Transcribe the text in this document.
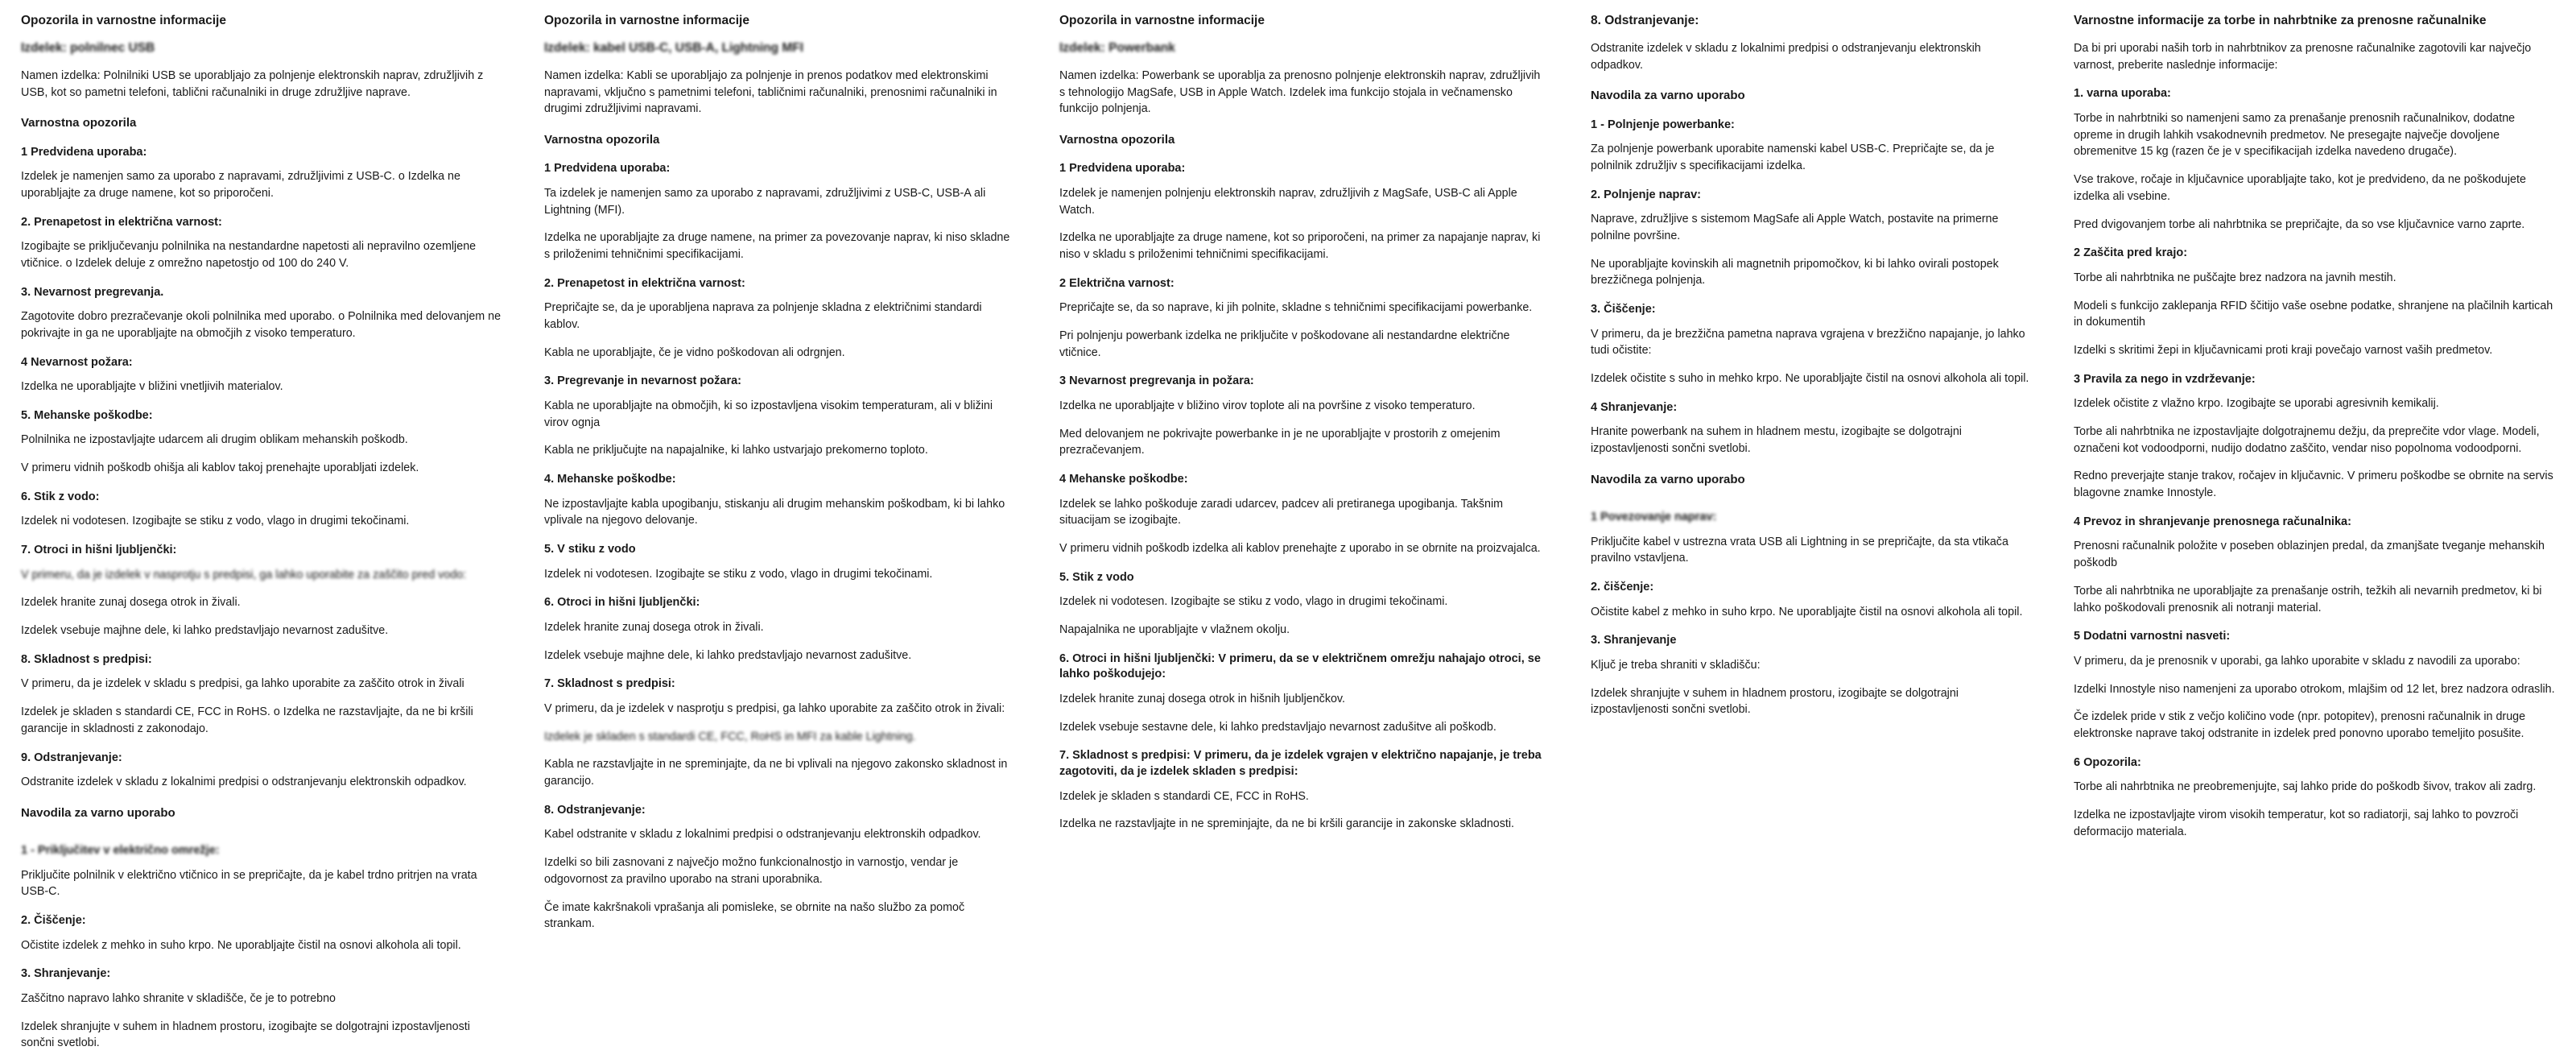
Opozorila in varnostne informacije

Izdelek: polnilnec USB

Namen izdelka: Polnilniki USB se uporabljajo za polnjenje elektronskih naprav, združljivih z USB, kot so pametni telefoni, tablični računalniki in druge združljive naprave.

Varnostna opozorila
1 Predvidena uporaba:

Izdelek je namenjen samo za uporabo z napravami, združljivimi z USB-C. o Izdelka ne uporabljajte za druge namene, kot so priporočeni.

2. Prenapetost in električna varnost:

Izogibajte se priključevanju polnilnika na nestandardne napetosti ali nepravilno ozemljene vtičnice. o Izdelek deluje z omrežno napetostjo od 100 do 240 V.

3. Nevarnost pregrevanja.

Zagotovite dobro prezračevanje okoli polnilnika med uporabo. o Polnilnika med delovanjem ne pokrivajte in ga ne uporabljajte na območjih z visoko temperaturo.

4 Nevarnost požara:

Izdelka ne uporabljajte v bližini vnetljivih materialov.

5. Mehanske poškodbe:

Polnilnika ne izpostavljajte udarcem ali drugim oblikam mehanskih poškodb.

V primeru vidnih poškodb ohišja ali kablov takoj prenehajte uporabljati izdelek.

6. Stik z vodo:

Izdelek ni vodotesen. Izogibajte se stiku z vodo, vlago in drugimi tekočinami.

7. Otroci in hišni ljubljenčki:

V primeru, da je izdelek v nasprotju s predpisi, ga lahko uporabite za zaščito pred vodo:

Izdelek hranite zunaj dosega otrok in živali.

Izdelek vsebuje majhne dele, ki lahko predstavljajo nevarnost zadušitve.

8. Skladnost s predpisi:

V primeru, da je izdelek v skladu s predpisi, ga lahko uporabite za zaščito otrok in živali

Izdelek je skladen s standardi CE, FCC in RoHS. o Izdelka ne razstavljajte, da ne bi kršili garancije in skladnosti z zakonodajo.

9. Odstranjevanje:

Odstranite izdelek v skladu z lokalnimi predpisi o odstranjevanju elektronskih odpadkov.

Navodila za varno uporabo
1 - Priključitev v električno omrežje:

Priključite polnilnik v električno vtičnico in se prepričajte, da je kabel trdno pritrjen na vrata USB-C.

2. Čiščenje:

Očistite izdelek z mehko in suho krpo. Ne uporabljajte čistil na osnovi alkohola ali topil.

3. Shranjevanje:

Zaščitno napravo lahko shranite v skladišče, če je to potrebno

Izdelek shranjujte v suhem in hladnem prostoru, izogibajte se dolgotrajni izpostavljenosti sončni svetlobi.

Opozorila in varnostne informacije

Izdelek: kabel USB-C, USB-A, Lightning MFI

Namen izdelka: Kabli se uporabljajo za polnjenje in prenos podatkov med elektronskimi napravami, vključno s pametnimi telefoni, tabličnimi računalniki, prenosnimi računalniki in drugimi združljivimi napravami.

Varnostna opozorila
1 Predvidena uporaba:

Ta izdelek je namenjen samo za uporabo z napravami, združljivimi z USB-C, USB-A ali Lightning (MFI).

Izdelka ne uporabljajte za druge namene, na primer za povezovanje naprav, ki niso skladne s priloženimi tehničnimi specifikacijami.

2. Prenapetost in električna varnost:

Prepričajte se, da je uporabljena naprava za polnjenje skladna z električnimi standardi kablov.

Kabla ne uporabljajte, če je vidno poškodovan ali odrgnjen.

3. Pregrevanje in nevarnost požara:

Kabla ne uporabljajte na območjih, ki so izpostavljena visokim temperaturam, ali v bližini virov ognja

Kabla ne priključujte na napajalnike, ki lahko ustvarjajo prekomerno toploto.

4. Mehanske poškodbe:

Ne izpostavljajte kabla upogibanju, stiskanju ali drugim mehanskim poškodbam, ki bi lahko vplivale na njegovo delovanje.

5. V stiku z vodo

Izdelek ni vodotesen. Izogibajte se stiku z vodo, vlago in drugimi tekočinami.

6. Otroci in hišni ljubljenčki:

Izdelek hranite zunaj dosega otrok in živali.

Izdelek vsebuje majhne dele, ki lahko predstavljajo nevarnost zadušitve.

7. Skladnost s predpisi:

V primeru, da je izdelek v nasprotju s predpisi, ga lahko uporabite za zaščito otrok in živali:

Izdelek je skladen s standardi CE, FCC, RoHS in MFI za kable Lightning.

Kabla ne razstavljajte in ne spreminjajte, da ne bi vplivali na njegovo zakonsko skladnost in garancijo.

8. Odstranjevanje:

Kabel odstranite v skladu z lokalnimi predpisi o odstranjevanju elektronskih odpadkov.

Izdelki so bili zasnovani z največjo možno funkcionalnostjo in varnostjo, vendar je odgovornost za pravilno uporabo na strani uporabnika.

Če imate kakršnakoli vprašanja ali pomisleke, se obrnite na našo službo za pomoč strankam.

Opozorila in varnostne informacije

Izdelek: Powerbank

Namen izdelka: Powerbank se uporablja za prenosno polnjenje elektronskih naprav, združljivih s tehnologijo MagSafe, USB in Apple Watch. Izdelek ima funkcijo stojala in večnamensko funkcijo polnjenja.

Varnostna opozorila
1 Predvidena uporaba:

Izdelek je namenjen polnjenju elektronskih naprav, združljivih z MagSafe, USB-C ali Apple Watch.

Izdelka ne uporabljajte za druge namene, kot so priporočeni, na primer za napajanje naprav, ki niso v skladu s priloženimi tehničnimi specifikacijami.

2 Električna varnost:

Prepričajte se, da so naprave, ki jih polnite, skladne s tehničnimi specifikacijami powerbanke.

Pri polnjenju powerbank izdelka ne priključite v poškodovane ali nestandardne električne vtičnice.

3 Nevarnost pregrevanja in požara:

Izdelka ne uporabljajte v bližino virov toplote ali na površine z visoko temperaturo.

Med delovanjem ne pokrivajte powerbanke in je ne uporabljajte v prostorih z omejenim prezračevanjem.

4 Mehanske poškodbe:

Izdelek se lahko poškoduje zaradi udarcev, padcev ali pretiranega upogibanja. Takšnim situacijam se izogibajte.

V primeru vidnih poškodb izdelka ali kablov prenehajte z uporabo in se obrnite na proizvajalca.

5. Stik z vodo

Izdelek ni vodotesen. Izogibajte se stiku z vodo, vlago in drugimi tekočinami.

Napajalnika ne uporabljajte v vlažnem okolju.

6. Otroci in hišni ljubljenčki: V primeru, da se v električnem omrežju nahajajo otroci, se lahko poškodujejo:

Izdelek hranite zunaj dosega otrok in hišnih ljubljenčkov.

Izdelek vsebuje sestavne dele, ki lahko predstavljajo nevarnost zadušitve ali poškodb.

7. Skladnost s predpisi: V primeru, da je izdelek vgrajen v električno napajanje, je treba zagotoviti, da je izdelek skladen s predpisi:

Izdelek je skladen s standardi CE, FCC in RoHS.

Izdelka ne razstavljajte in ne spreminjajte, da ne bi kršili garancije in zakonske skladnosti.

8. Odstranjevanje:

Odstranite izdelek v skladu z lokalnimi predpisi o odstranjevanju elektronskih odpadkov.

Navodila za varno uporabo
1 - Polnjenje powerbanke:

Za polnjenje powerbank uporabite namenski kabel USB-C. Prepričajte se, da je polnilnik združljiv s specifikacijami izdelka.

2. Polnjenje naprav:

Naprave, združljive s sistemom MagSafe ali Apple Watch, postavite na primerne polnilne površine.

Ne uporabljajte kovinskih ali magnetnih pripomočkov, ki bi lahko ovirali postopek brezžičnega polnjenja.

3. Čiščenje:

V primeru, da je brezžična pametna naprava vgrajena v brezžično napajanje, jo lahko tudi očistite:

Izdelek očistite s suho in mehko krpo. Ne uporabljajte čistil na osnovi alkohola ali topil.

4 Shranjevanje:

Hranite powerbank na suhem in hladnem mestu, izogibajte se dolgotrajni izpostavljenosti sončni svetlobi.

Navodila za varno uporabo
1 Povezovanje naprav:

Priključite kabel v ustrezna vrata USB ali Lightning in se prepričajte, da sta vtikača pravilno vstavljena.

2. čiščenje:

Očistite kabel z mehko in suho krpo. Ne uporabljajte čistil na osnovi alkohola ali topil.

3. Shranjevanje

Ključ je treba shraniti v skladišču:

Izdelek shranjujte v suhem in hladnem prostoru, izogibajte se dolgotrajni izpostavljenosti sončni svetlobi.

Varnostne informacije za torbe in nahrbtnike za prenosne računalnike

Da bi pri uporabi naših torb in nahrbtnikov za prenosne računalnike zagotovili kar največjo varnost, preberite naslednje informacije:

1. varna uporaba:

Torbe in nahrbtniki so namenjeni samo za prenašanje prenosnih računalnikov, dodatne opreme in drugih lahkih vsakodnevnih predmetov. Ne presegajte največje dovoljene obremenitve 15 kg (razen če je v specifikacijah izdelka navedeno drugače).

Vse trakove, ročaje in ključavnice uporabljajte tako, kot je predvideno, da ne poškodujete izdelka ali vsebine.

Pred dvigovanjem torbe ali nahrbtnika se prepričajte, da so vse ključavnice varno zaprte.

2 Zaščita pred krajo:

Torbe ali nahrbtnika ne puščajte brez nadzora na javnih mestih.

Modeli s funkcijo zaklepanja RFID ščitijo vaše osebne podatke, shranjene na plačilnih karticah in dokumentih

Izdelki s skritimi žepi in ključavnicami proti kraji povečajo varnost vaših predmetov.

3 Pravila za nego in vzdrževanje:

Izdelek očistite z vlažno krpo. Izogibajte se uporabi agresivnih kemikalij.

Torbe ali nahrbtnika ne izpostavljajte dolgotrajnemu dežju, da preprečite vdor vlage. Modeli, označeni kot vodoodporni, nudijo dodatno zaščito, vendar niso popolnoma vodoodporni.

Redno preverjajte stanje trakov, ročajev in ključavnic. V primeru poškodbe se obrnite na servis blagovne znamke Innostyle.

4 Prevoz in shranjevanje prenosnega računalnika:

Prenosni računalnik položite v poseben oblazinjen predal, da zmanjšate tveganje mehanskih poškodb

Torbe ali nahrbtnika ne uporabljajte za prenašanje ostrih, težkih ali nevarnih predmetov, ki bi lahko poškodovali prenosnik ali notranji material.

5 Dodatni varnostni nasveti:

V primeru, da je prenosnik v uporabi, ga lahko uporabite v skladu z navodili za uporabo:

Izdelki Innostyle niso namenjeni za uporabo otrokom, mlajšim od 12 let, brez nadzora odraslih.

Če izdelek pride v stik z večjo količino vode (npr. potopitev), prenosni računalnik in druge elektronske naprave takoj odstranite in izdelek pred ponovno uporabo temeljito posušite.

6 Opozorila:

Torbe ali nahrbtnika ne preobremenjujte, saj lahko pride do poškodb šivov, trakov ali zadrg.

Izdelka ne izpostavljajte virom visokih temperatur, kot so radiatorji, saj lahko to povzroči deformacijo materiala.
